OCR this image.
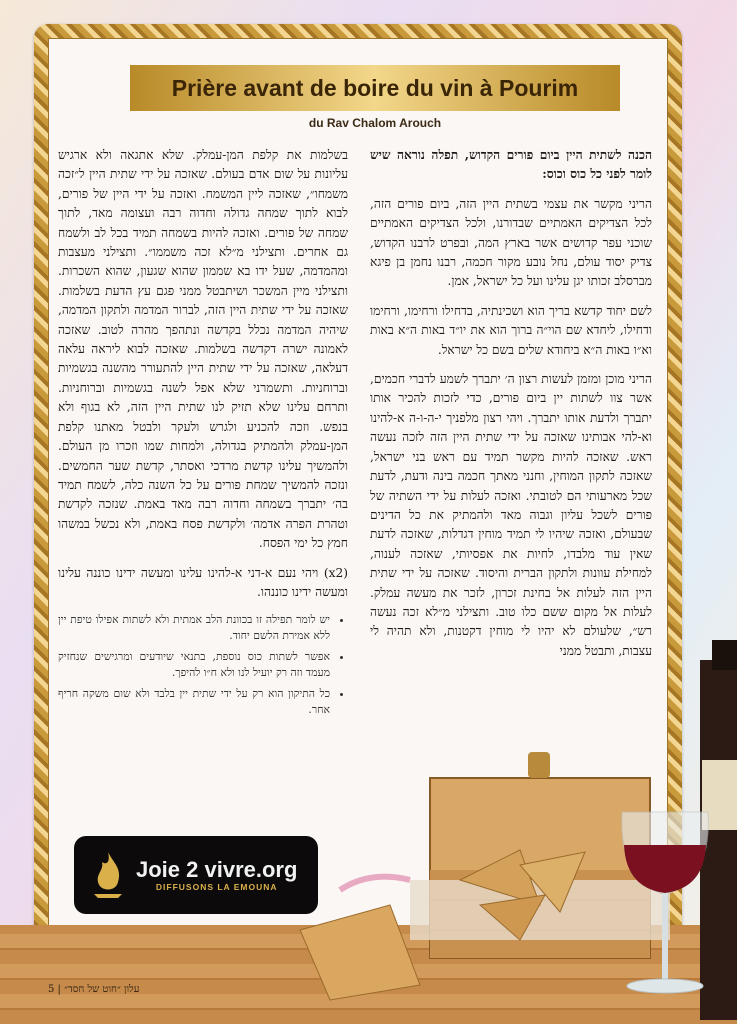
Prière avant de boire du vin à Pourim
du Rav Chalom Arouch

הכנה לשתית היין ביום פורים הקדוש, תפלה נוראה שיש לומר לפני כל כוס וכוס:

הריני מקשר את עצמי בשתית היין הזה, ביום פורים הזה, לכל הצדיקים האמתיים שבדורנו, ולכל הצדיקים האמתיים שוכני עפר קדושים אשר בארץ המה, ובפרט לרבנו הקדוש, צדיק יסוד עולם, נחל נובע מקור חכמה, רבנו נחמן בן פיגא מברסלב זכותו יגן עלינו ועל כל ישראל, אמן.

לשם יחוד קדשא בריך הוא ושכינתיה, בדחילו ורחימו, ורחימו ודחילו, ליחדא שם הוי״ה ברוך הוא את יו״ד באות ה״א באות וא״ו באות ה״א ביחודא שלים בשם כל ישראל.

הריני מוכן ומזמן לעשות רצון ה׳ יתברך לשמע לדברי חכמים, אשר צוו לשתות יין ביום פורים, כדי לזכות להכיר אותו יתברך ולדעת אותו יתברך. ויהי רצון מלפניך י-ה-ו-ה א-להינו וא-להי אבותינו שאזכה על ידי שתית היין הזה לזכה נעשה ראש. שאזכה להיות מקשר תמיד עם ראש בני ישראל, שאזכה לתקון המוחין, וחנני מאתך חכמה בינה ודעת, לדעת שכל מארעותי הם לטובתי. ואזכה לעלות על ידי השתיה של פורים לשכל עליון וגבוה מאד ולהמתיק את כל הדינים שבעולם, ואזכה שיהיו לי תמיד מוחין דגדלות, שאזכה לדעת שאין עוד מלבדו, לחיות את אפסיותי, שאזכה לענוה, למחילת עוונות ולתקון הברית והיסוד. שאזכה על ידי שתית היין הזה לעלות אל בחינת זכרון, לזכר את מעשה עמלק. לעלות אל מקום ששם כלו טוב. ותצילני מ״לא זכה נעשה רש״, שלעולם לא יהיו לי מוחין דקטנות, ולא תהיה לי עצבות, ותבטל ממני

בשלמות את קלפת המן-עמלק. שלא אתגאה ולא ארגיש עליונות על שום אדם בעולם. שאזכה על ידי שתית היין ל״זכה משמחו״, שאזכה ליין המשמח. ואזכה על ידי היין של פורים, לבוא לתוך שמחה גדולה וחדוה רבה ועצומה מאד, לתוך שמחה של פורים. ואזכה להיות בשמחה תמיד בכל לב ולשמח גם אחרים. ותצילני מ״לא זכה משממו״. ותצילני מעצבות ומהמדמה, שעל ידו בא שממון שהוא שגעון, שהוא השכרות. ותצילני מיין המשכר ושיתבטל ממני פגם עץ הדעת בשלמות. שאזכה על ידי שתית היין הזה, לברור המדמה ולתקון המדמה, שיהיה המדמה נכלל בקדשה ונתהפך מהרה לטוב. שאזכה לאמונה ישרה דקדשה בשלמות. שאזכה לבוא ליראה עלאה דעלאה, שאזכה על ידי שתית היין להתעורר מהשנה בגשמיות וברוחניות. ותשמרני שלא אפל לשנה בגשמיות וברוחניות. ותרחם עלינו שלא תזיק לנו שתית היין הזה, לא בגוף ולא בנפש. וזכה להכניע ולגרש ולעקר ולבטל מאתנו קלפת המן-עמלק ולהמתיק בגדולה, ולמחות שמו וזכרו מן העולם. ולהמשיך עלינו קדשת מרדכי ואסתר, קדשת שער החמשים. ונזכה להמשיך שמחת פורים על כל השנה כלה, לשמח תמיד בה׳ יתברך בשמחה וחדוה רבה מאד באמת. שנזכה לקדשת וטהרת הפרה אדמה׳ ולקדשת פסח באמת, ולא נכשל במשהו חמץ כל ימי הפסח.

(x2) ויהי נעם א-דני א-להינו עלינו ומעשה ידינו כוננה עלינו ומעשה ידינו כוננהו.

• יש לומר תפילה זו בכוונת הלב אמתית ולא לשתות אפילו טיפת יין ללא אמירת הלשם יחוד.
• אפשר לשתות כוס נוספת, בתנאי שיודעים ומרגישים שנחזיק מעמד וזה רק יועיל לנו ולא ח״ו להיפך.
• כל התיקון הוא רק על ידי שתית יין בלבד ולא שום משקה חריף אחר.
Joie 2 vivre.org
DIFFUSONS LA EMOUNA
עלון ״חוט של חסד״ | 5
